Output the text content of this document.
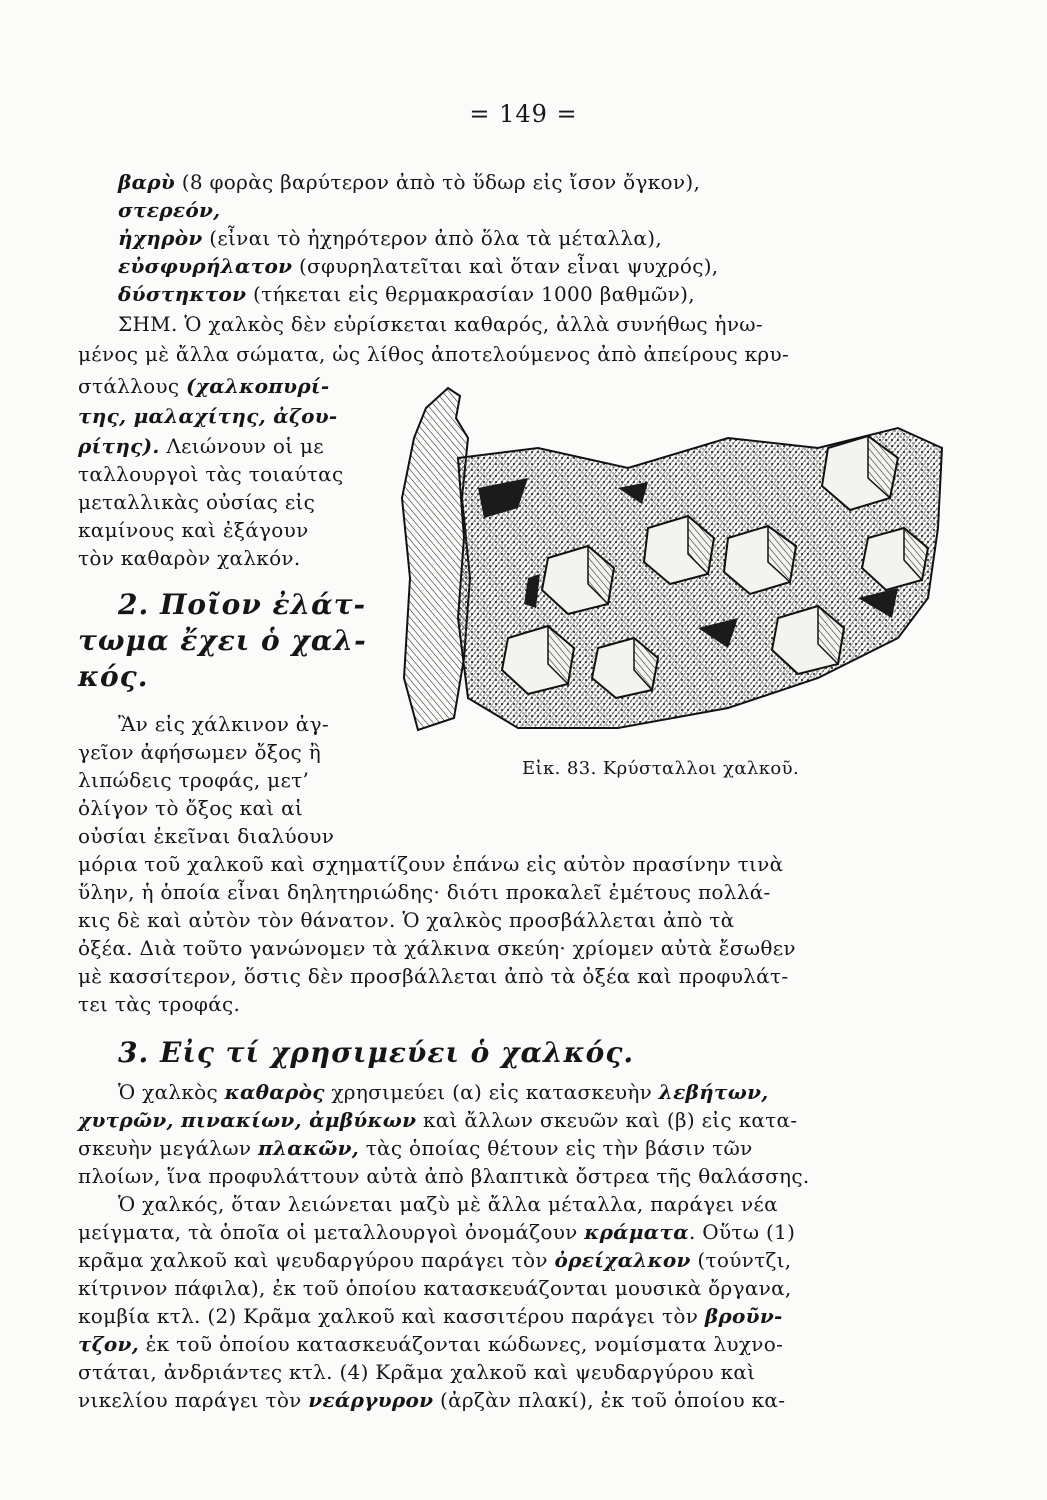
= 149 =
βαρὺ (8 φορὰς βαρύτερον ἀπὸ τὸ ὕδωρ εἰς ἴσον ὄγκον),
στερεόν,
ἠχηρὸν (εἶναι τὸ ἠχηρότερον ἀπὸ ὅλα τὰ μέταλλα),
εὐσφυρήλατον (σφυρηλατεῖται καὶ ὅταν εἶναι ψυχρός),
δύστηκτον (τήκεται εἰς θερμακρασίαν 1000 βαθμῶν),
ΣΗΜ. Ὁ χαλκὸς δὲν εὑρίσκεται καθαρός, ἀλλὰ συνήθως ἡνω-
μένος μὲ ἄλλα σώματα, ὡς λίθος ἀποτελούμενος ἀπὸ ἀπείρους κρυ-
στάλλους (χαλκοπυρί-
της, μαλαχίτης, ἀζου-
ρίτης). Λειώνουν οἱ με
ταλλουργοὶ τὰς τοιαύτας
μεταλλικὰς οὐσίας εἰς
καμίνους καὶ ἐξάγουν
τὸν καθαρὸν χαλκόν.
2. Ποῖον ἐλάτ-
τωμα ἔχει ὁ χαλ-
κός.
Ἂν εἰς χάλκινον ἀγ-
γεῖον ἀφήσωμεν ὄξος ἢ
λιπώδεις τροφάς, μετ’
ὀλίγον τὸ ὄξος καὶ αἱ
οὐσίαι ἐκεῖναι διαλύουν
μόρια τοῦ χαλκοῦ καὶ σχηματίζουν ἐπάνω εἰς αὐτὸν πρασίνην τινὰ
ὕλην, ἡ ὁποία εἶναι δηλητηριώδης· διότι προκαλεῖ ἐμέτους πολλά-
κις δὲ καὶ αὐτὸν τὸν θάνατον. Ὁ χαλκὸς προσβάλλεται ἀπὸ τὰ
ὀξέα. Διὰ τοῦτο γανώνομεν τὰ χάλκινα σκεύη· χρίομεν αὐτὰ ἔσωθεν
μὲ κασσίτερον, ὅστις δὲν προσβάλλεται ἀπὸ τὰ ὀξέα καὶ προφυλάτ-
τει τὰς τροφάς.
3. Εἰς τί χρησιμεύει ὁ χαλκός.
Ὁ χαλκὸς καθαρὸς χρησιμεύει (α) εἰς κατασκευὴν λεβήτων,
χυτρῶν, πινακίων, ἀμβύκων καὶ ἄλλων σκευῶν καὶ (β) εἰς κατα-
σκευὴν μεγάλων πλακῶν, τὰς ὁποίας θέτουν εἰς τὴν βάσιν τῶν
πλοίων, ἵνα προφυλάττουν αὐτὰ ἀπὸ βλαπτικὰ ὄστρεα τῆς θαλάσσης.
Ὁ χαλκός, ὅταν λειώνεται μαζὺ μὲ ἄλλα μέταλλα, παράγει νέα
μείγματα, τὰ ὁποῖα οἱ μεταλλουργοὶ ὀνομάζουν κράματα. Οὕτω (1)
κρᾶμα χαλκοῦ καὶ ψευδαργύρου παράγει τὸν ὀρείχαλκον (τούντζι,
κίτρινον πάφιλα), ἐκ τοῦ ὁποίου κατασκευάζονται μουσικὰ ὄργανα,
κομβία κτλ. (2) Κρᾶμα χαλκοῦ καὶ κασσιτέρου παράγει τὸν βροῦν-
τζον, ἐκ τοῦ ὁποίου κατασκευάζονται κώδωνες, νομίσματα λυχνο-
στάται, ἀνδριάντες κτλ. (4) Κρᾶμα χαλκοῦ καὶ ψευδαργύρου καὶ
νικελίου παράγει τὸν νεάργυρον (ἀρζὰν πλακί), ἐκ τοῦ ὁποίου κα-
Εἰκ. 83. Κρύσταλλοι χαλκοῦ.
